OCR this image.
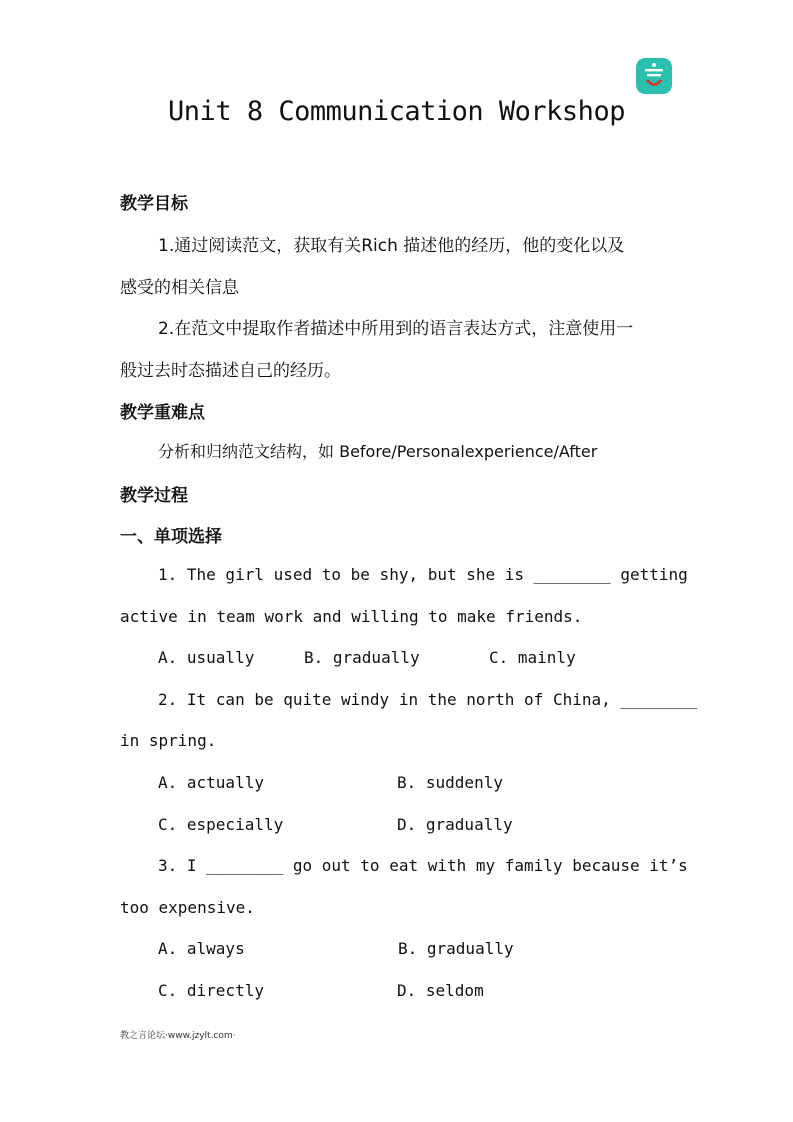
Unit 8 Communication Workshop
教学目标
1.通过阅读范文，获取有关Rich 描述他的经历，他的变化以及
感受的相关信息
2.在范文中提取作者描述中所用到的语言表达方式，注意使用一
般过去时态描述自己的经历。
教学重难点
分析和归纳范文结构，如 Before/Personalexperience/After
教学过程
一、单项选择
1. The girl used to be shy, but she is ________ getting
active in team work and willing to make friends.
A. usually	B. gradually	C. mainly
2. It can be quite windy in the north of China, ________
in spring.
A. actually	B. suddenly
C. especially	D. gradually
3. I ________ go out to eat with my family because it’s
too expensive.
A. always	B. gradually
C. directly	D. seldom
教之言论坛·www.jzylt.com·
